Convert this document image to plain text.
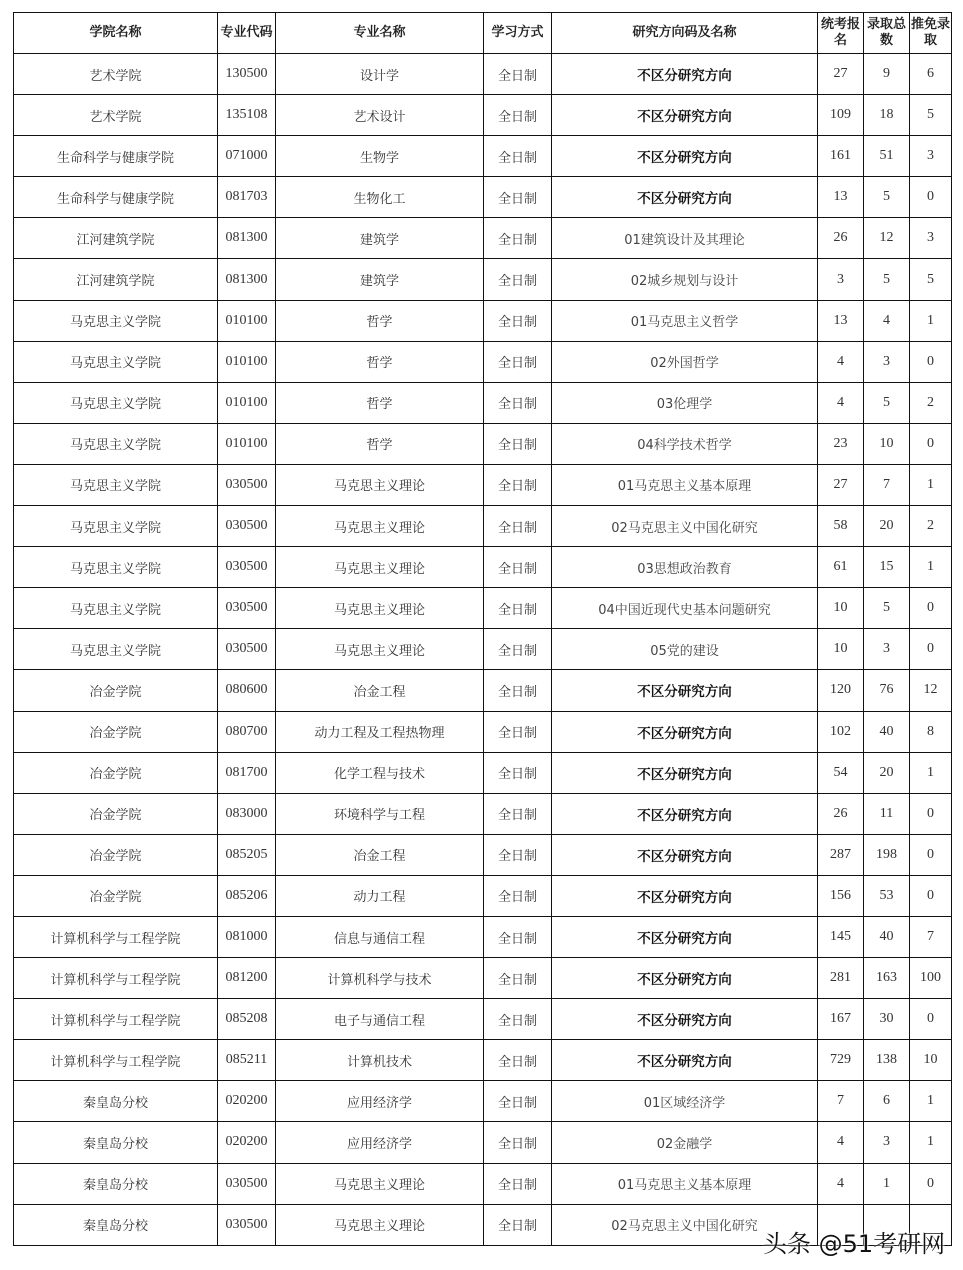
学院名称	专业代码	专业名称	学习方式	研究方向码及名称	统考报名	录取总数	推免录取
艺术学院	130500	设计学	全日制	不区分研究方向	27	9	6
艺术学院	135108	艺术设计	全日制	不区分研究方向	109	18	5
生命科学与健康学院	071000	生物学	全日制	不区分研究方向	161	51	3
生命科学与健康学院	081703	生物化工	全日制	不区分研究方向	13	5	0
江河建筑学院	081300	建筑学	全日制	01建筑设计及其理论	26	12	3
江河建筑学院	081300	建筑学	全日制	02城乡规划与设计	3	5	5
马克思主义学院	010100	哲学	全日制	01马克思主义哲学	13	4	1
马克思主义学院	010100	哲学	全日制	02外国哲学	4	3	0
马克思主义学院	010100	哲学	全日制	03伦理学	4	5	2
马克思主义学院	010100	哲学	全日制	04科学技术哲学	23	10	0
马克思主义学院	030500	马克思主义理论	全日制	01马克思主义基本原理	27	7	1
马克思主义学院	030500	马克思主义理论	全日制	02马克思主义中国化研究	58	20	2
马克思主义学院	030500	马克思主义理论	全日制	03思想政治教育	61	15	1
马克思主义学院	030500	马克思主义理论	全日制	04中国近现代史基本问题研究	10	5	0
马克思主义学院	030500	马克思主义理论	全日制	05党的建设	10	3	0
冶金学院	080600	冶金工程	全日制	不区分研究方向	120	76	12
冶金学院	080700	动力工程及工程热物理	全日制	不区分研究方向	102	40	8
冶金学院	081700	化学工程与技术	全日制	不区分研究方向	54	20	1
冶金学院	083000	环境科学与工程	全日制	不区分研究方向	26	11	0
冶金学院	085205	冶金工程	全日制	不区分研究方向	287	198	0
冶金学院	085206	动力工程	全日制	不区分研究方向	156	53	0
计算机科学与工程学院	081000	信息与通信工程	全日制	不区分研究方向	145	40	7
计算机科学与工程学院	081200	计算机科学与技术	全日制	不区分研究方向	281	163	100
计算机科学与工程学院	085208	电子与通信工程	全日制	不区分研究方向	167	30	0
计算机科学与工程学院	085211	计算机技术	全日制	不区分研究方向	729	138	10
秦皇岛分校	020200	应用经济学	全日制	01区域经济学	7	6	1
秦皇岛分校	020200	应用经济学	全日制	02金融学	4	3	1
秦皇岛分校	030500	马克思主义理论	全日制	01马克思主义基本原理	4	1	0
秦皇岛分校	030500	马克思主义理论	全日制	02马克思主义中国化研究			
头条 @51考研网
